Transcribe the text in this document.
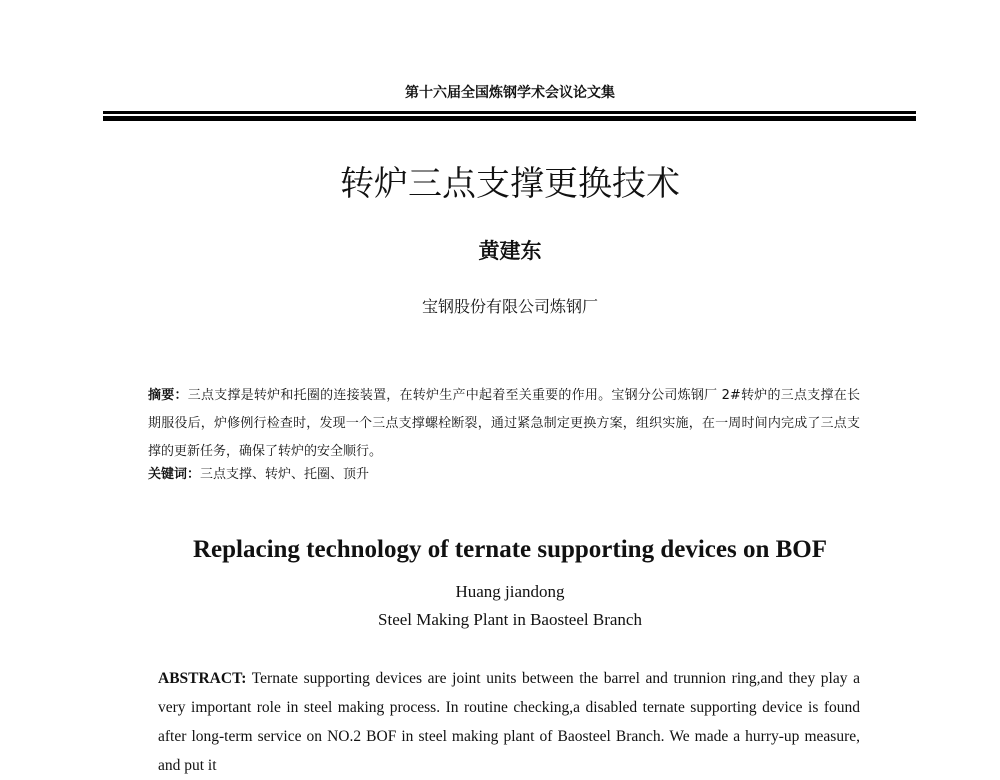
第十六届全国炼钢学术会议论文集
转炉三点支撑更换技术
黄建东
宝钢股份有限公司炼钢厂
摘要：三点支撑是转炉和托圈的连接装置，在转炉生产中起着至关重要的作用。宝钢分公司炼钢厂 2#转炉的三点支撑在长期服役后，炉修例行检查时，发现一个三点支撑螺栓断裂，通过紧急制定更换方案，组织实施，在一周时间内完成了三点支撑的更新任务，确保了转炉的安全顺行。
关键词：三点支撑、转炉、托圈、顶升
Replacing technology of ternate supporting devices on BOF
Huang jiandong
Steel Making Plant in Baosteel Branch
ABSTRACT: Ternate supporting devices are joint units between the barrel and trunnion ring,and they play a very important role in steel making process. In routine checking,a disabled ternate supporting device is found after long-term service on NO.2 BOF in steel making plant of Baosteel Branch. We made a hurry-up measure, and put it
